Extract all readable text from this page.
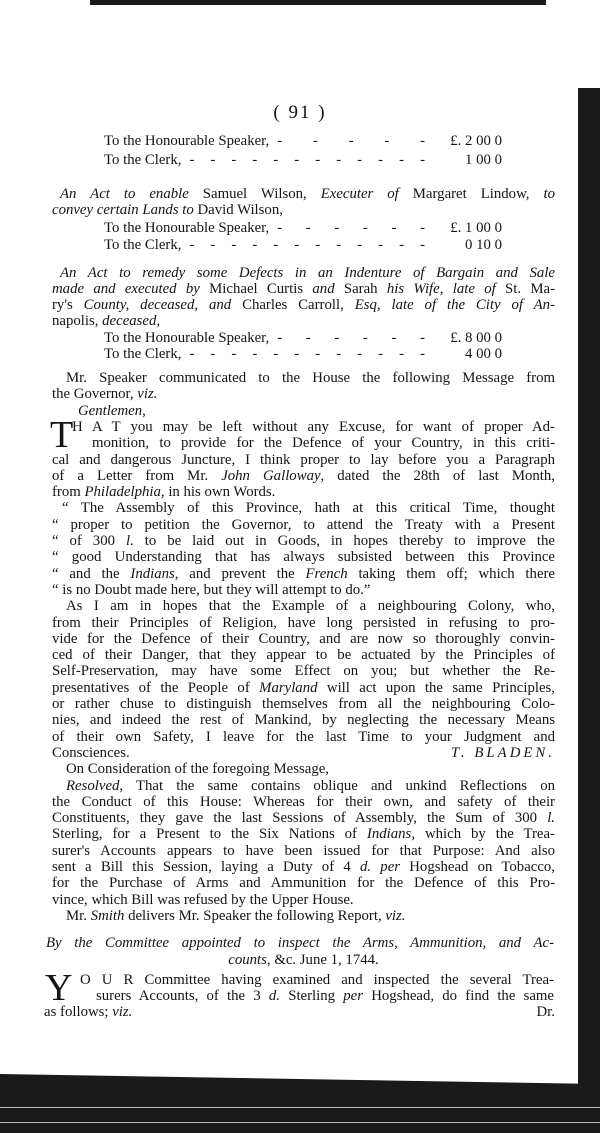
( 91 )
To the Honourable Speaker, - - - - -	£. 2 00 0
To the Clerk, - - - - - - - - - - - -	1 00 0
An Act to enable Samuel Wilson, Executer of Margaret Lindow, to
convey certain Lands to David Wilson,
To the Honourable Speaker, - - - - - -	£. 1 00 0
To the Clerk, - - - - - - - - - - - -	0 10 0
An Act to remedy some Defects in an Indenture of Bargain and Sale
made and executed by Michael Curtis and Sarah his Wife, late of St. Ma-
ry's County, deceased, and Charles Carroll, Esq, late of the City of An-
napolis, deceased,
To the Honourable Speaker, - - - - - -	£. 8 00 0
To the Clerk, - - - - - - - - - - - -	4 00 0
Mr. Speaker communicated to the House the following Message from
the Governor, viz.
Gentlemen,
H A T you may be left without any Excuse, for want of proper Ad-
monition, to provide for the Defence of your Country, in this criti-
cal and dangerous Juncture, I think proper to lay before you a Paragraph
of a Letter from Mr. John Galloway, dated the 28th of last Month,
from Philadelphia, in his own Words.
“ The Assembly of this Province, hath at this critical Time, thought
“ proper to petition the Governor, to attend the Treaty with a Present
“ of 300 l. to be laid out in Goods, in hopes thereby to improve the
“ good Understanding that has always subsisted between this Province
“ and the Indians, and prevent the French taking them off; which there
“ is no Doubt made here, but they will attempt to do.”
As I am in hopes that the Example of a neighbouring Colony, who,
from their Principles of Religion, have long persisted in refusing to pro-
vide for the Defence of their Country, and are now so thoroughly convin-
ced of their Danger, that they appear to be actuated by the Principles of
Self-Preservation, may have some Effect on you; but whether the Re-
presentatives of the People of Maryland will act upon the same Principles,
or rather chuse to distinguish themselves from all the neighbouring Colo-
nies, and indeed the rest of Mankind, by neglecting the necessary Means
of their own Safety, I leave for the last Time to your Judgment and
Consciences.
On Consideration of the foregoing Message,
Resolved, That the same contains oblique and unkind Reflections on
the Conduct of this House: Whereas for their own, and safety of their
Constituents, they gave the last Sessions of Assembly, the Sum of 300 l.
Sterling, for a Present to the Six Nations of Indians, which by the Trea-
surer's Accounts appears to have been issued for that Purpose: And also
sent a Bill this Session, laying a Duty of 4 d. per Hogshead on Tobacco,
for the Purchase of Arms and Ammunition for the Defence of this Pro-
vince, which Bill was refused by the Upper House.
Mr. Smith delivers Mr. Speaker the following Report, viz.
T
T. BLADEN.
By the Committee appointed to inspect the Arms, Ammunition, and Ac-
counts, &c. June 1, 1744.
Y O U R Committee having examined and inspected the several Trea-
surers Accounts, of the 3 d. Sterling per Hogshead, do find the same
as follows; viz.	Dr.
